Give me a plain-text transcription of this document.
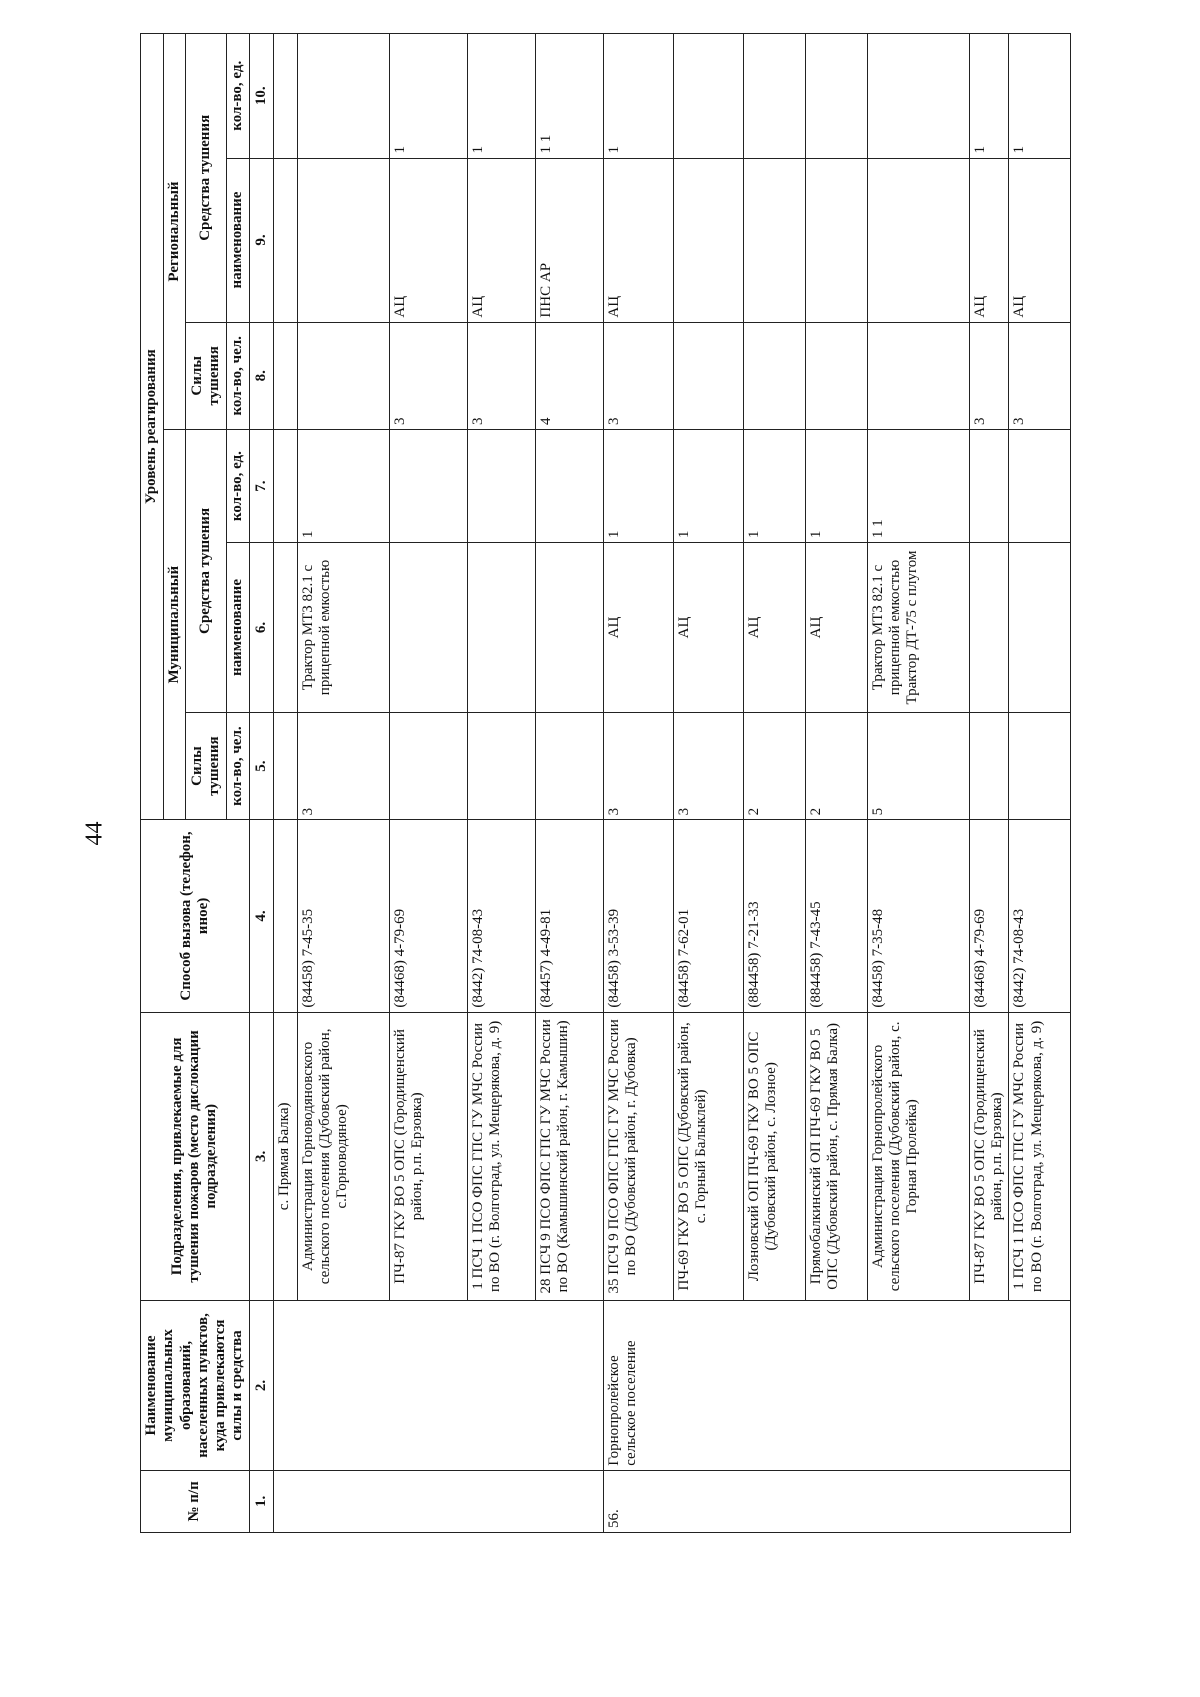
44
№ п/п	Наименование муниципальных образований, населенных пунктов, куда привлекаются силы и средства	Подразделения, привлекаемые для тушения пожаров (место дислокации подразделения)	Способ вызова (телефон, иное)	Уровень реагирования					
				Муниципальный			Региональный		
				Силы тушения	Средства тушения		Силы тушения	Средства тушения	
				кол-во, чел.	наименование	кол-во, ед.	кол-во, чел.	наименование	кол-во, ед.
1.	2.	3.	4.	5.	6.	7.	8.	9.	10.
		с. Прямая Балка)							
		Администрация Горноводяновского сельского поселения (Дубовский район, с.Горноводяное)	(84458) 7-45-35	3	Трактор МТЗ 82.1 с прицепной емкостью	1			
		ПЧ-87 ГКУ ВО 5 ОПС (Городищенский район, р.п. Ерзовка)	(84468) 4-79-69				3	АЦ	1
		1 ПСЧ 1 ПСО ФПС ГПС ГУ МЧС России по ВО (г. Волгоград, ул. Мещерякова, д. 9)	(8442) 74-08-43				3	АЦ	1
		28 ПСЧ 9 ПСО ФПС ГПС ГУ МЧС России по ВО (Камышинский район, г. Камышин)	(84457) 4-49-81				4	ПНС АР	1 1
56.	Горнопролейское сельское поселение	35 ПСЧ 9 ПСО ФПС ГПС ГУ МЧС России по ВО (Дубовский район, г. Дубовка)	(84458) 3-53-39	3	АЦ	1	3	АЦ	1
		ПЧ-69 ГКУ ВО 5 ОПС (Дубовский район, с. Горный Балыклей)	(84458) 7-62-01	3	АЦ	1			
		Лозновский ОП ПЧ-69 ГКУ ВО 5 ОПС (Дубовский район, с. Лозное)	(884458) 7-21-33	2	АЦ	1			
		Прямобалкинский ОП ПЧ-69 ГКУ ВО 5 ОПС (Дубовский район, с. Прямая Балка)	(884458) 7-43-45	2	АЦ	1			
		Администрация Горнопролейского сельского поселения (Дубовский район, с. Горная Пролейка)	(84458) 7-35-48	5	Трактор МТЗ 82.1 с прицепной емкостью Трактор ДТ-75 с плугом	1 1			
		ПЧ-87 ГКУ ВО 5 ОПС (Городищенский район, р.п. Ерзовка)	(84468) 4-79-69				3	АЦ	1
		1 ПСЧ 1 ПСО ФПС ГПС ГУ МЧС России по ВО (г. Волгоград, ул. Мещерякова, д. 9)	(8442) 74-08-43				3	АЦ	1
